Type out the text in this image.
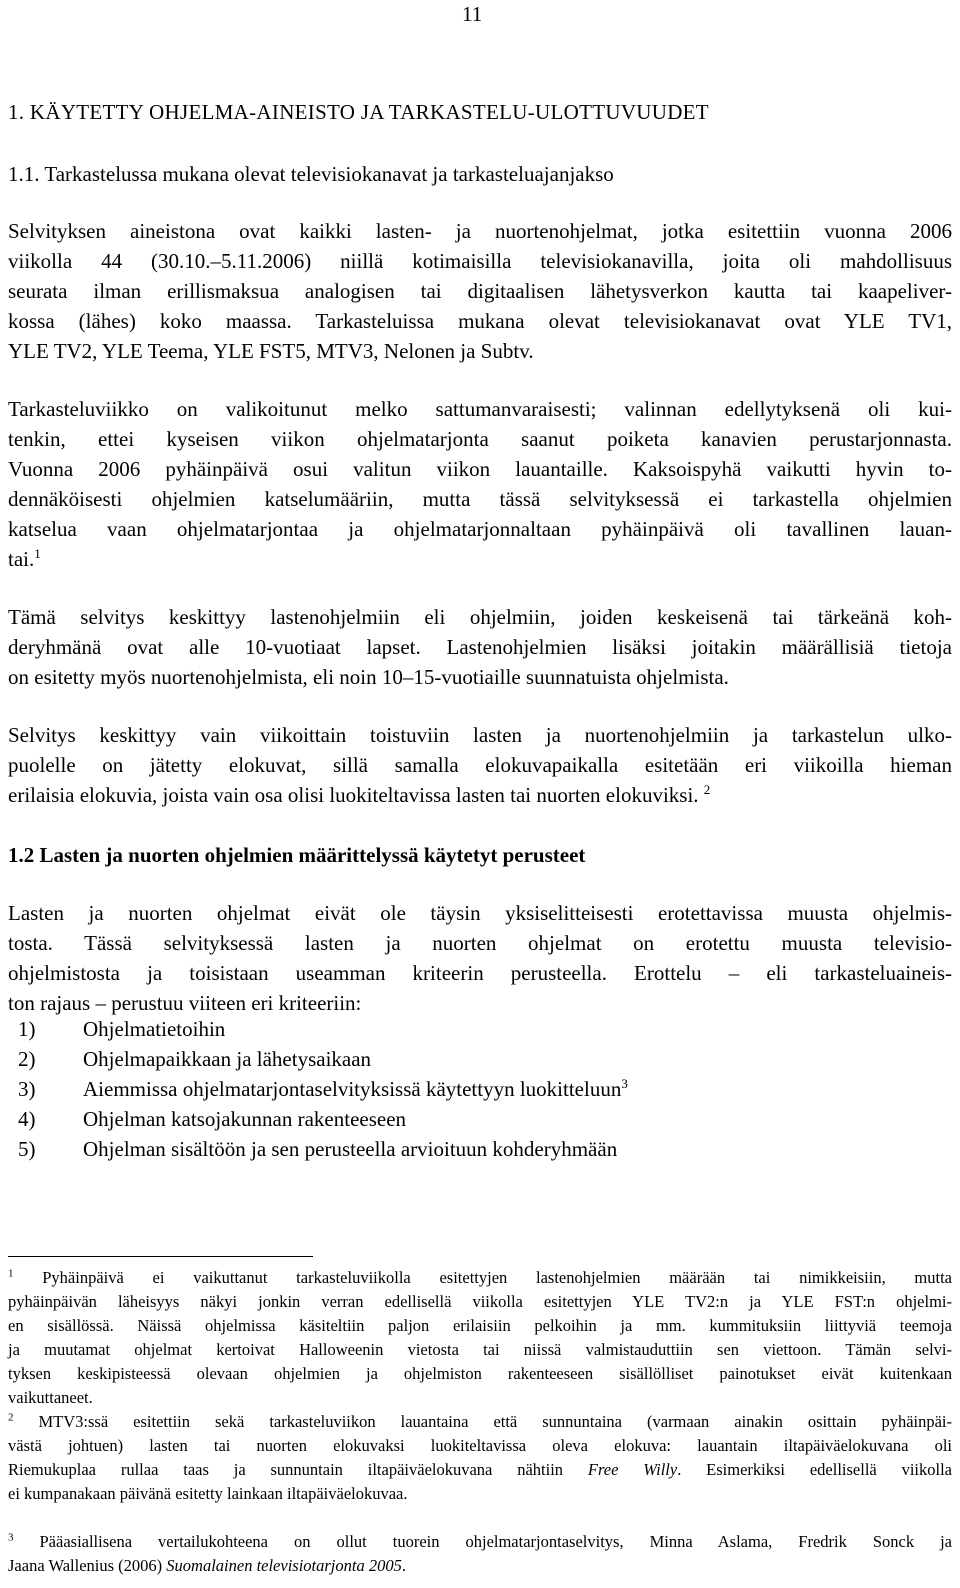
11
1. KÄYTETTY OHJELMA-AINEISTO JA TARKASTELU-ULOTTUVUUDET
1.1. Tarkastelussa mukana olevat televisiokanavat ja tarkasteluajanjakso

Selvityksen aineistona ovat kaikki lasten- ja nuortenohjelmat, jotka esitettiin vuonna 2006
viikolla 44 (30.10.–5.11.2006) niillä kotimaisilla televisiokanavilla, joita oli mahdollisuus
seurata ilman erillismaksua analogisen tai digitaalisen lähetysverkon kautta tai kaapeliver-
kossa (lähes) koko maassa. Tarkasteluissa mukana olevat televisiokanavat ovat YLE TV1,
YLE TV2, YLE Teema, YLE FST5, MTV3, Nelonen ja Subtv.

Tarkasteluviikko on valikoitunut melko sattumanvaraisesti; valinnan edellytyksenä oli kui-
tenkin, ettei kyseisen viikon ohjelmatarjonta saanut poiketa kanavien perustarjonnasta.
Vuonna 2006 pyhäinpäivä osui valitun viikon lauantaille. Kaksoispyhä vaikutti hyvin to-
dennäköisesti ohjelmien katselumääriin, mutta tässä selvityksessä ei tarkastella ohjelmien
katselua vaan ohjelmatarjontaa ja ohjelmatarjonnaltaan pyhäinpäivä oli tavallinen lauan-
tai.$^1$

Tämä selvitys keskittyy lastenohjelmiin eli ohjelmiin, joiden keskeisenä tai tärkeänä koh-
deryhmänä ovat alle 10-vuotiaat lapset. Lastenohjelmien lisäksi joitakin määrällisiä tietoja
on esitetty myös nuortenohjelmista, eli noin 10–15-vuotiaille suunnatuista ohjelmista.

Selvitys keskittyy vain viikoittain toistuviin lasten ja nuortenohjelmiin ja tarkastelun ulko-
puolelle on jätetty elokuvat, sillä samalla elokuvapaikalla esitetään eri viikoilla hieman
erilaisia elokuvia, joista vain osa olisi luokiteltavissa lasten tai nuorten elokuviksi. $^2$

1.2 Lasten ja nuorten ohjelmien määrittelyssä käytetyt perusteet

Lasten ja nuorten ohjelmat eivät ole täysin yksiselitteisesti erotettavissa muusta ohjelmis-
tosta. Tässä selvityksessä lasten ja nuorten ohjelmat on erotettu muusta televisio-
ohjelmistosta ja toisistaan useamman kriteerin perusteella. Erottelu – eli tarkasteluaineis-
ton rajaus – perustuu viiteen eri kriteeriin:

1) Ohjelmatietoihin
2) Ohjelmapaikkaan ja lähetysaikaan
3) Aiemmissa ohjelmatarjontaselvityksissä käytettyyn luokitteluun$^3$
4) Ohjelman katsojakunnan rakenteeseen
5) Ohjelman sisältöön ja sen perusteella arvioituun kohderyhmään
$^1$ Pyhäinpäivä ei vaikuttanut tarkasteluviikolla esitettyjen lastenohjelmien määrään tai nimikkeisiin, mutta
pyhäinpäivän läheisyys näkyi jonkin verran edellisellä viikolla esitettyjen YLE TV2:n ja YLE FST:n ohjelmi-
en sisällössä. Näissä ohjelmissa käsiteltiin paljon erilaisiin pelkoihin ja mm. kummituksiin liittyviä teemoja
ja muutamat ohjelmat kertoivat Halloweenin vietosta tai niissä valmistauduttiin sen viettoon. Tämän selvi-
tyksen keskipisteessä olevaan ohjelmien ja ohjelmiston rakenteeseen sisällölliset painotukset eivät kuitenkaan
vaikuttaneet.
$^2$ MTV3:ssä esitettiin sekä tarkasteluviikon lauantaina että sunnuntaina (varmaan ainakin osittain pyhäinpäi-
västä johtuen) lasten tai nuorten elokuvaksi luokiteltavissa oleva elokuva: lauantain iltapäiväelokuvana oli
Riemukuplaa rullaa taas ja sunnuntain iltapäiväelokuvana nähtiin Free Willy. Esimerkiksi edellisellä viikolla
ei kumpanakaan päivänä esitetty lainkaan iltapäiväelokuvaa.
$^3$ Pääasiallisena vertailukohteena on ollut tuorein ohjelmatarjontaselvitys, Minna Aslama, Fredrik Sonck ja
Jaana Wallenius (2006) Suomalainen televisiotarjonta 2005.
